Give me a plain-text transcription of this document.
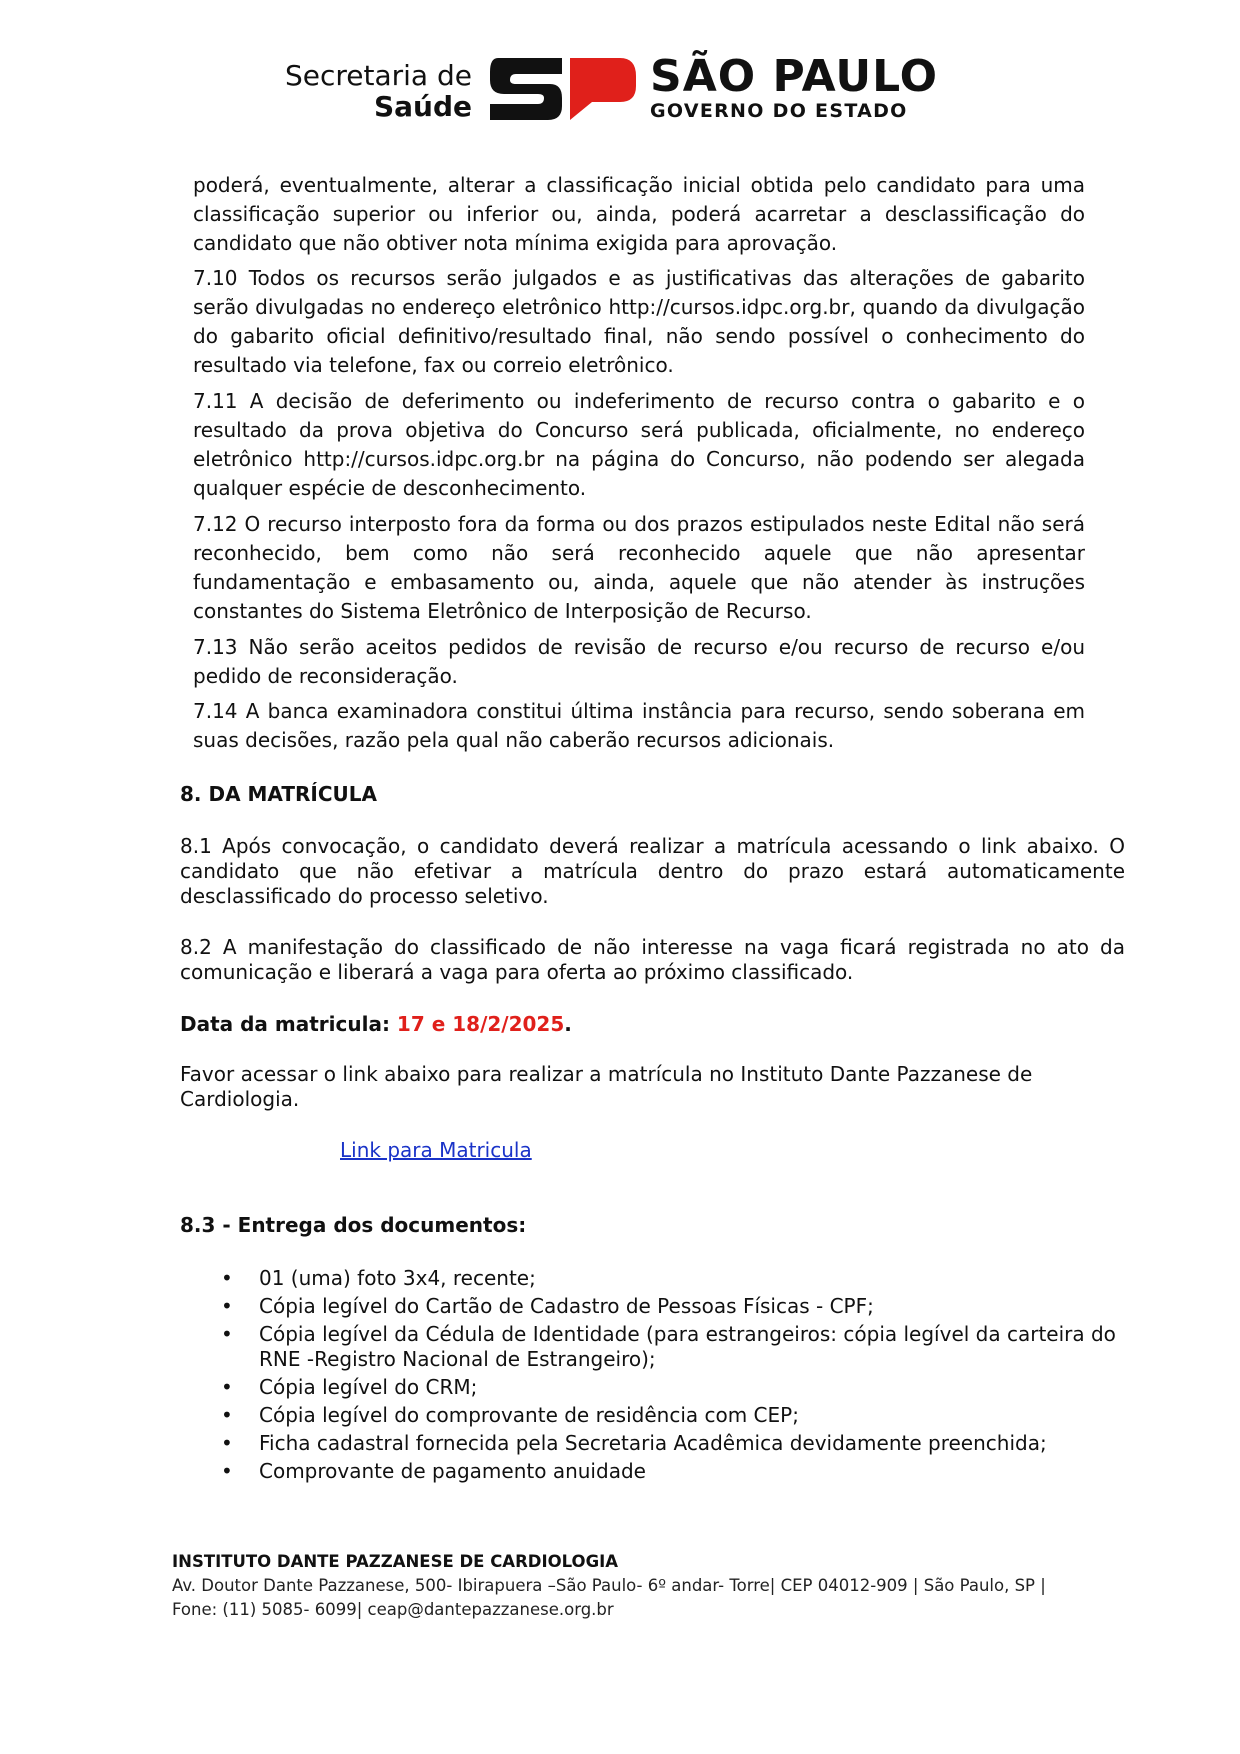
Secretaria de
Saúde
SÃO PAULO
GOVERNO DO ESTADO
poderá, eventualmente, alterar a classificação inicial obtida pelo candidato para uma classificação superior ou inferior ou, ainda, poderá acarretar a desclassificação do candidato que não obtiver nota mínima exigida para aprovação.
7.10 Todos os recursos serão julgados e as justificativas das alterações de gabarito serão divulgadas no endereço eletrônico http://cursos.idpc.org.br, quando da divulgação do gabarito oficial definitivo/resultado final, não sendo possível o conhecimento do resultado via telefone, fax ou correio eletrônico.
7.11 A decisão de deferimento ou indeferimento de recurso contra o gabarito e o resultado da prova objetiva do Concurso será publicada, oficialmente, no endereço eletrônico http://cursos.idpc.org.br na página do Concurso, não podendo ser alegada qualquer espécie de desconhecimento.
7.12 O recurso interposto fora da forma ou dos prazos estipulados neste Edital não será reconhecido, bem como não será reconhecido aquele que não apresentar fundamentação e embasamento ou, ainda, aquele que não atender às instruções constantes do Sistema Eletrônico de Interposição de Recurso.
7.13 Não serão aceitos pedidos de revisão de recurso e/ou recurso de recurso e/ou pedido de reconsideração.
7.14 A banca examinadora constitui última instância para recurso, sendo soberana em suas decisões, razão pela qual não caberão recursos adicionais.
8. DA MATRÍCULA
8.1 Após convocação, o candidato deverá realizar a matrícula acessando o link abaixo. O candidato que não efetivar a matrícula dentro do prazo estará automaticamente desclassificado do processo seletivo.
8.2 A manifestação do classificado de não interesse na vaga ficará registrada no ato da comunicação e liberará a vaga para oferta ao próximo classificado.
Data da matricula: 17 e 18/2/2025.
Favor acessar o link abaixo para realizar a matrícula no Instituto Dante Pazzanese de Cardiologia.
Link para Matricula
8.3 - Entrega dos documentos:
• 01 (uma) foto 3x4, recente;
• Cópia legível do Cartão de Cadastro de Pessoas Físicas - CPF;
• Cópia legível da Cédula de Identidade (para estrangeiros: cópia legível da carteira do RNE -Registro Nacional de Estrangeiro);
• Cópia legível do CRM;
• Cópia legível do comprovante de residência com CEP;
• Ficha cadastral fornecida pela Secretaria Acadêmica devidamente preenchida;
• Comprovante de pagamento anuidade
INSTITUTO DANTE PAZZANESE DE CARDIOLOGIA
Av. Doutor Dante Pazzanese, 500- Ibirapuera –São Paulo- 6º andar- Torre| CEP 04012-909 | São Paulo, SP |
Fone: (11) 5085- 6099| ceap@dantepazzanese.org.br
